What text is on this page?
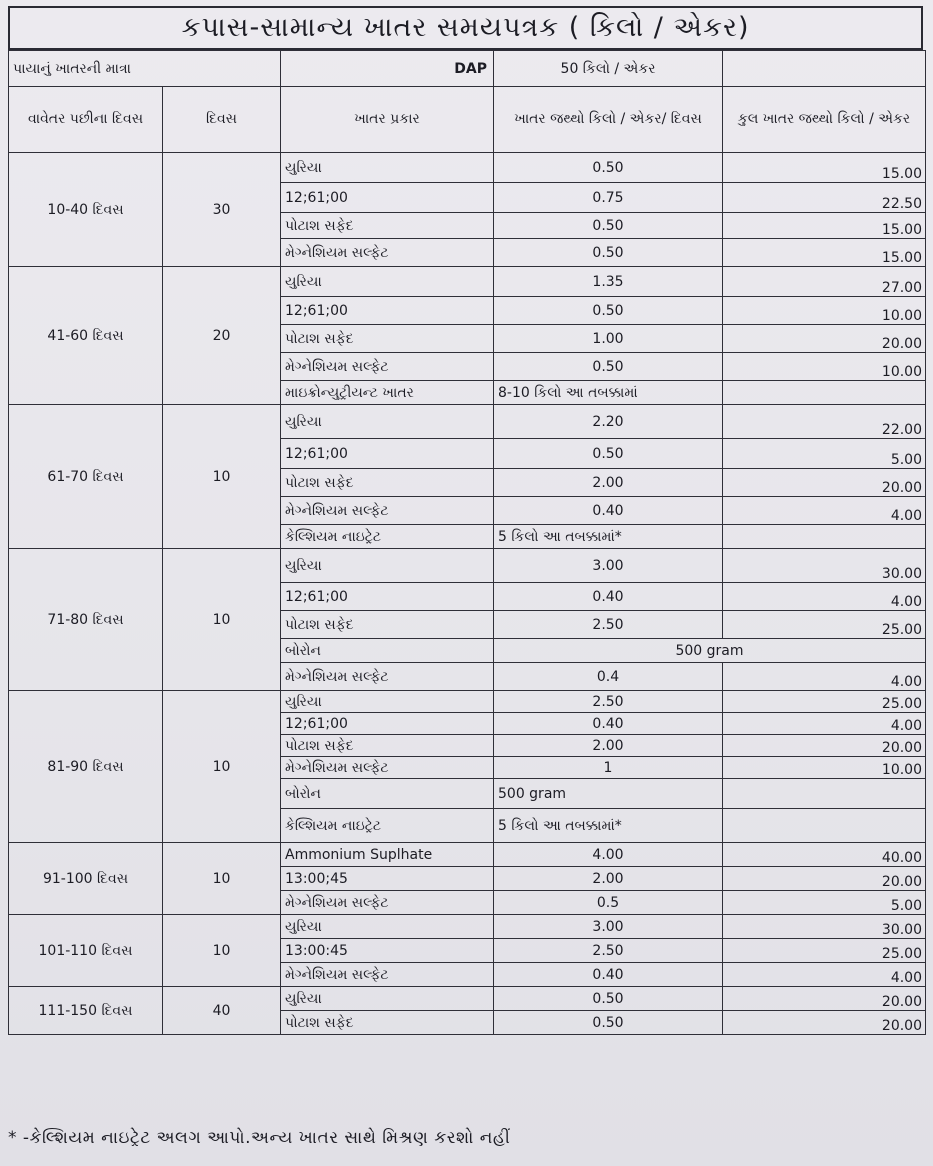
કપાસ-સામાન્ય ખાતર સમયપત્રક ( કિલો / એકર)
પાયાનું ખાતરની માત્રા		DAP	50 કિલો / એકર	
વાવેતર પછીના દિવસ	દિવસ	ખાતર પ્રકાર	ખાતર જથ્થો કિલો / એકર/ દિવસ	કુલ ખાતર જથ્થો કિલો / એકર
10-40 દિવસ	30	યુરિયા	0.50	15.00
		12;61;00	0.75	22.50
		પોટાશ સફેદ	0.50	15.00
		મેગ્નેશિયમ સલ્ફેટ	0.50	15.00
41-60 દિવસ	20	યુરિયા	1.35	27.00
		12;61;00	0.50	10.00
		પોટાશ સફેદ	1.00	20.00
		મેગ્નેશિયમ સલ્ફેટ	0.50	10.00
		માઇક્રોન્યુટ્રીયન્ટ ખાતર	8-10 કિલો આ તબક્કામાં	
61-70 દિવસ	10	યુરિયા	2.20	22.00
		12;61;00	0.50	5.00
		પોટાશ સફેદ	2.00	20.00
		મેગ્નેશિયમ સલ્ફેટ	0.40	4.00
		કેલ્શિયમ નાઇટ્રેટ	5 કિલો આ તબક્કામાં*	
71-80 દિવસ	10	યુરિયા	3.00	30.00
		12;61;00	0.40	4.00
		પોટાશ સફેદ	2.50	25.00
		બોરોન	500 gram	
		મેગ્નેશિયમ સલ્ફેટ	0.4	4.00
81-90 દિવસ	10	યુરિયા	2.50	25.00
		12;61;00	0.40	4.00
		પોટાશ સફેદ	2.00	20.00
		મેગ્નેશિયમ સલ્ફેટ	1	10.00
		બોરોન	500 gram	
		કેલ્શિયમ નાઇટ્રેટ	5 કિલો આ તબક્કામાં*	
91-100 દિવસ	10	Ammonium Suplhate	4.00	40.00
		13:00;45	2.00	20.00
		મેગ્નેશિયમ સલ્ફેટ	0.5	5.00
101-110 દિવસ	10	યુરિયા	3.00	30.00
		13:00:45	2.50	25.00
		મેગ્નેશિયમ સલ્ફેટ	0.40	4.00
111-150 દિવસ	40	યુરિયા	0.50	20.00
		પોટાશ સફેદ	0.50	20.00
* -કેલ્શિયમ નાઇટ્રેટ અલગ આપો.અન્ય ખાતર સાથે મિશ્રણ કરશો નહીં
